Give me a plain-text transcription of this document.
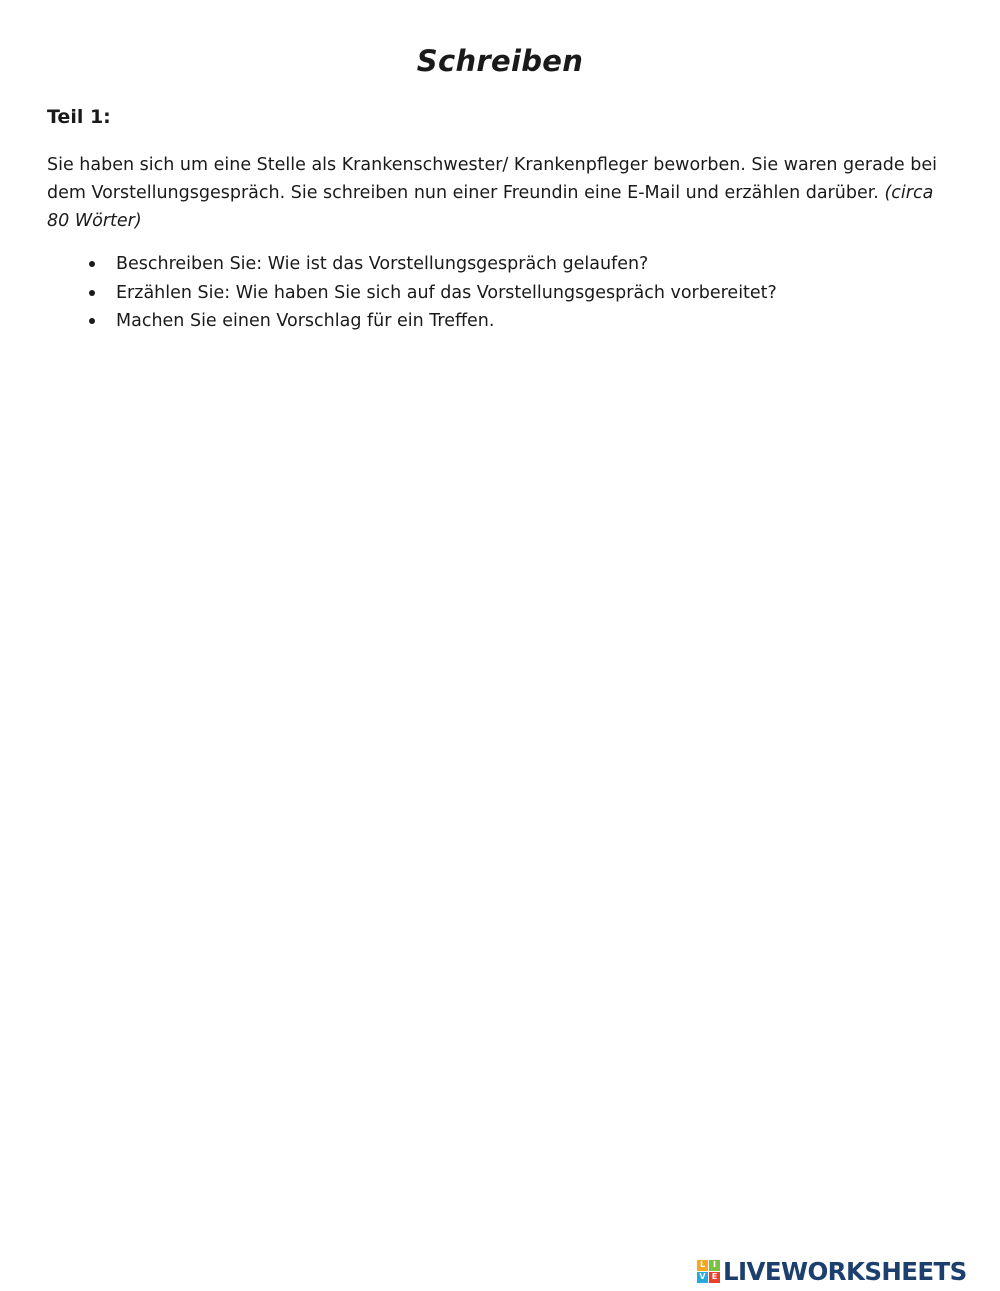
Schreiben
Teil 1:

Sie haben sich um eine Stelle als Krankenschwester/ Krankenpfleger beworben. Sie waren gerade bei dem Vorstellungsgespräch. Sie schreiben nun einer Freundin eine E-Mail und erzählen darüber. (circa 80 Wörter)

Beschreiben Sie: Wie ist das Vorstellungsgespräch gelaufen?
Erzählen Sie: Wie haben Sie sich auf das Vorstellungsgespräch vorbereitet?
Machen Sie einen Vorschlag für ein Treffen.
L I
V E LIVEWORKSHEETS
